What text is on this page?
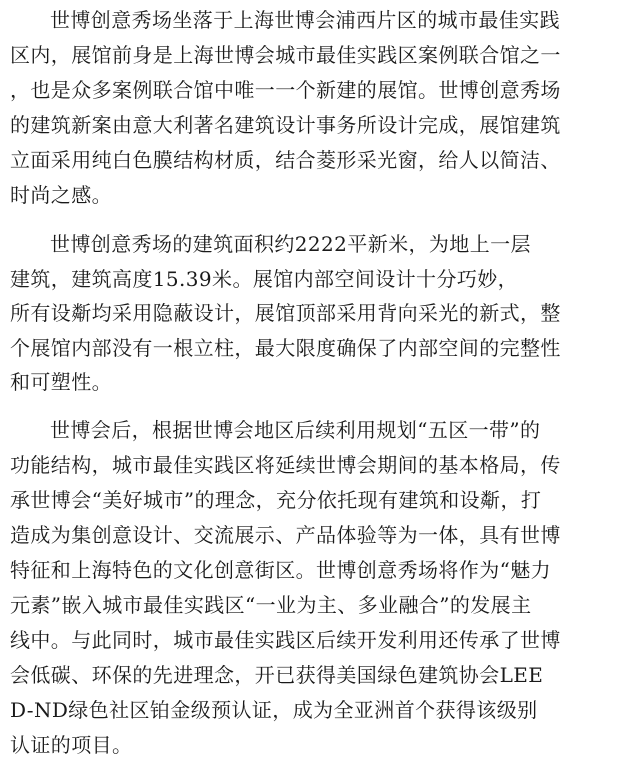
世博创意秀场坐落于上海世博会浦西片区的城市最佳实践
区内，展馆前身是上海世博会城市最佳实践区案例联合馆之一
，也是众多案例联合馆中唯一一个新建的展馆。世博创意秀场
的建筑新案由意大利著名建筑设计事务所设计完成，展馆建筑
立面采用纯白色膜结构材质，结合菱形采光窗，给人以简洁、
时尚之感。
世博创意秀场的建筑面积约2222平新米，为地上一层
建筑，建筑高度15.39米。展馆内部空间设计十分巧妙，
所有设斴均采用隐蔽设计，展馆顶部采用背向采光的新式，整
个展馆内部没有一根立柱，最大限度确保了内部空间的完整性
和可塑性。
世博会后，根据世博会地区后续利用规划“五区一带”的
功能结构，城市最佳实践区将延续世博会期间的基本格局，传
承世博会“美好城市”的理念，充分依托现有建筑和设斴，打
造成为集创意设计、交流展示、产品体验等为一体，具有世博
特征和上海特色的文化创意街区。世博创意秀场将作为“魅力
元素”嵌入城市最佳实践区“一业为主、多业融合”的发展主
线中。与此同时，城市最佳实践区后续开发利用还传承了世博
会低碳、环保的先进理念，开已获得美国绿色建筑协会LEE
D-ND绿色社区铂金级预认证，成为全亚洲首个获得该级别
认证的项目。
